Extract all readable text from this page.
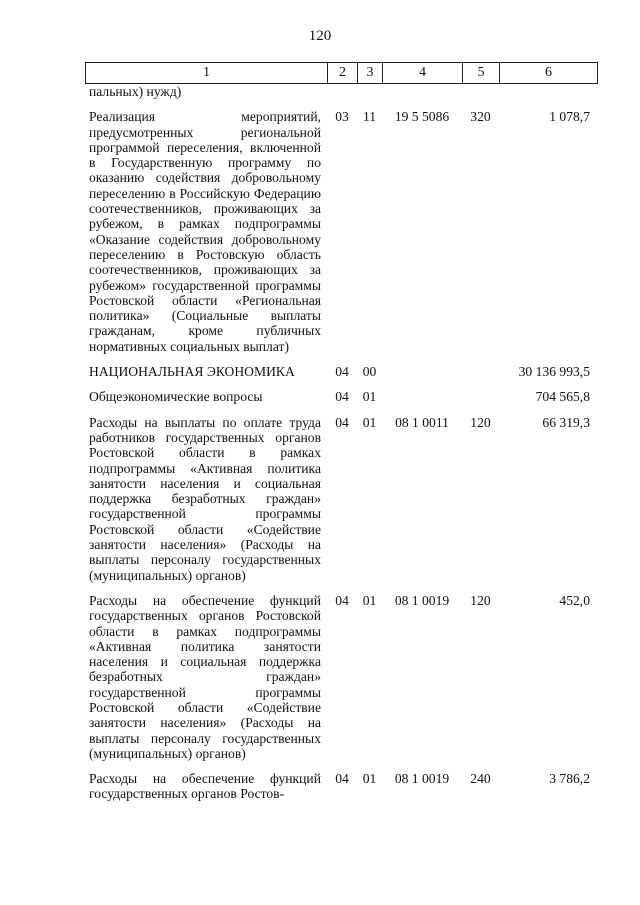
120
1	2	3	4	5	6
пальных) нужд)					
Реализация мероприятий, предусмотренных региональной программой переселения, включенной в Государственную программу по оказанию содействия добровольному переселению в Российскую Федерацию соотечественников, проживающих за рубежом, в рамках подпрограммы «Оказание содействия добровольному переселению в Ростовскую область соотечественников, проживающих за рубежом» государственной программы Ростовской области «Региональная политика» (Социальные выплаты гражданам, кроме публичных нормативных социальных выплат)	03	11	19 5 5086	320	1 078,7
НАЦИОНАЛЬНАЯ ЭКОНОМИКА	04	00			30 136 993,5
Общеэкономические вопросы	04	01			704 565,8
Расходы на выплаты по оплате труда работников государственных органов Ростовской области в рамках подпрограммы «Активная политика занятости населения и социальная поддержка безработных граждан» государственной программы Ростовской области «Содействие занятости населения» (Расходы на выплаты персоналу государственных (муниципальных) органов)	04	01	08 1 0011	120	66 319,3
Расходы на обеспечение функций государственных органов Ростовской области в рамках подпрограммы «Активная политика занятости населения и социальная поддержка безработных граждан» государственной программы Ростовской области «Содействие занятости населения» (Расходы на выплаты персоналу государственных (муниципальных) органов)	04	01	08 1 0019	120	452,0
Расходы на обеспечение функций государственных органов Ростов-	04	01	08 1 0019	240	3 786,2
